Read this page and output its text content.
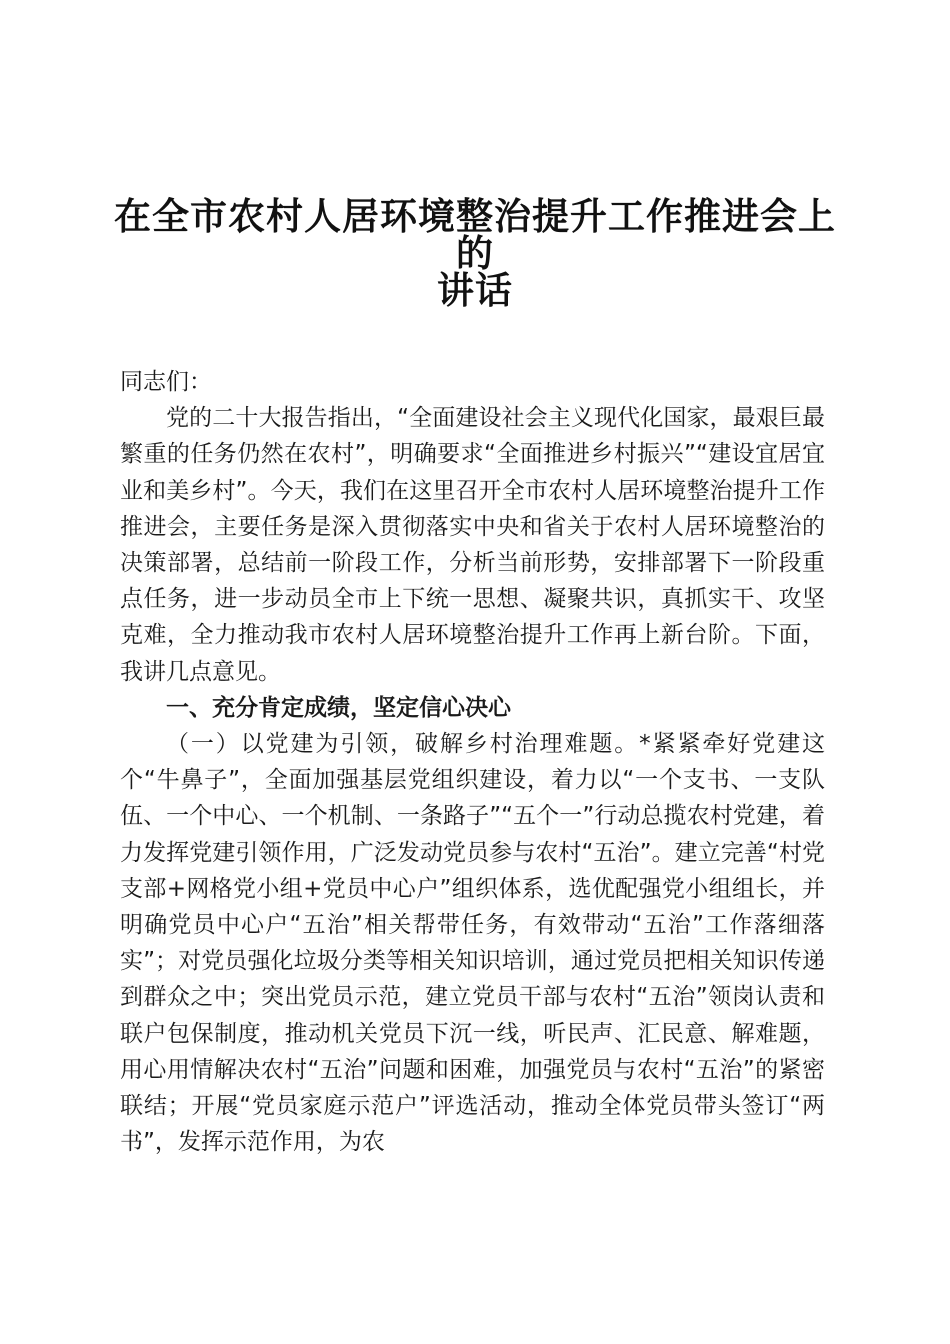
在全市农村人居环境整治提升工作推进会上的
讲话

同志们：

党的二十大报告指出，“全面建设社会主义现代化国家，最艰巨最繁重的任务仍然在农村”，明确要求“全面推进乡村振兴”“建设宜居宜业和美乡村”。今天，我们在这里召开全市农村人居环境整治提升工作推进会，主要任务是深入贯彻落实中央和省关于农村人居环境整治的决策部署，总结前一阶段工作，分析当前形势，安排部署下一阶段重点任务，进一步动员全市上下统一思想、凝聚共识，真抓实干、攻坚克难，全力推动我市农村人居环境整治提升工作再上新台阶。下面，我讲几点意见。

一、充分肯定成绩，坚定信心决心

（一）以党建为引领，破解乡村治理难题。*紧紧牵好党建这个“牛鼻子”，全面加强基层党组织建设，着力以“一个支书、一支队伍、一个中心、一个机制、一条路子”“五个一”行动总揽农村党建，着力发挥党建引领作用，广泛发动党员参与农村“五治”。建立完善“村党支部+网格党小组+党员中心户”组织体系，选优配强党小组组长，并明确党员中心户“五治”相关帮带任务，有效带动“五治”工作落细落实”；对党员强化垃圾分类等相关知识培训，通过党员把相关知识传递到群众之中；突出党员示范，建立党员干部与农村“五治”领岗认责和联户包保制度，推动机关党员下沉一线，听民声、汇民意、解难题，用心用情解决农村“五治”问题和困难，加强党员与农村“五治”的紧密联结；开展“党员家庭示范户”评选活动，推动全体党员带头签订“两书”，发挥示范作用，为农
